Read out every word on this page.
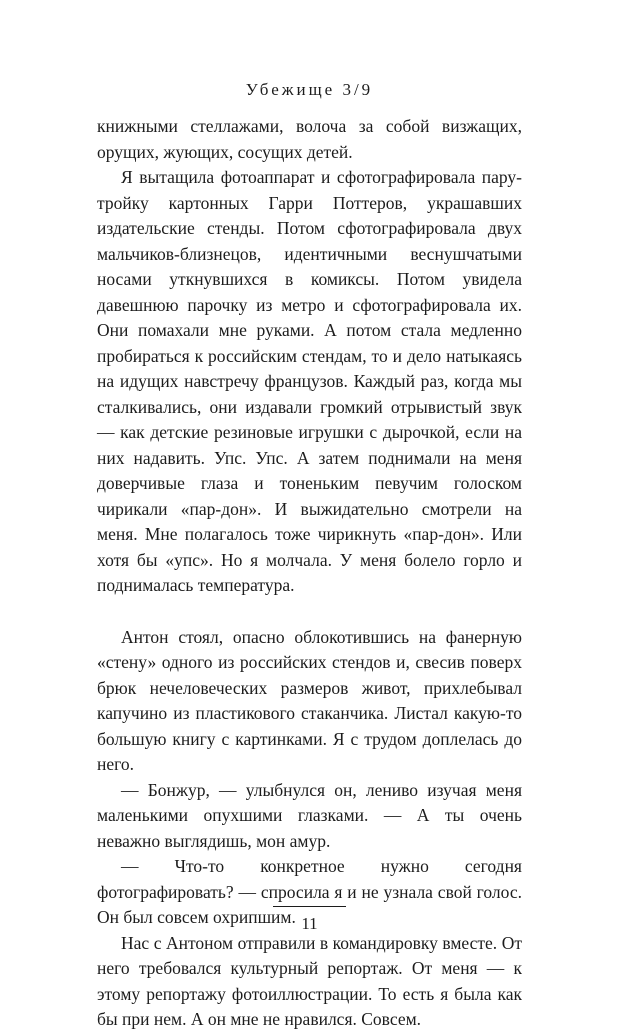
Убежище 3/9

книжными стеллажами, волоча за собой визжащих, орущих, жующих, сосущих детей.

Я вытащила фотоаппарат и сфотографировала пару-тройку картонных Гарри Поттеров, украшавших издательские стенды. Потом сфотографировала двух мальчиков-близнецов, идентичными веснушчатыми носами уткнувшихся в комиксы. Потом увидела давешнюю парочку из метро и сфотографировала их. Они помахали мне руками. А потом стала медленно пробираться к российским стендам, то и дело натыкаясь на идущих навстречу французов. Каждый раз, когда мы сталкивались, они издавали громкий отрывистый звук — как детские резиновые игрушки с дырочкой, если на них надавить. Упс. Упс. А затем поднимали на меня доверчивые глаза и тоненьким певучим голоском чирикали «пар-дон». И выжидательно смотрели на меня. Мне полагалось тоже чирикнуть «пар-дон». Или хотя бы «упс». Но я молчала. У меня болело горло и поднималась температура.

Антон стоял, опасно облокотившись на фанерную «стену» одного из российских стендов и, свесив поверх брюк нечеловеческих размеров живот, прихлебывал капучино из пластикового стаканчика. Листал какую-то большую книгу с картинками. Я с трудом доплелась до него.

— Бонжур, — улыбнулся он, лениво изучая меня маленькими опухшими глазками. — А ты очень неважно выглядишь, мон амур.

— Что-то конкретное нужно сегодня фотографировать? — спросила я и не узнала свой голос. Он был совсем охрипшим.

Нас с Антоном отправили в командировку вместе. От него требовался культурный репортаж. От меня — к этому репортажу фотоиллюстрации. То есть я была как бы при нем. А он мне не нравился. Совсем.

11
